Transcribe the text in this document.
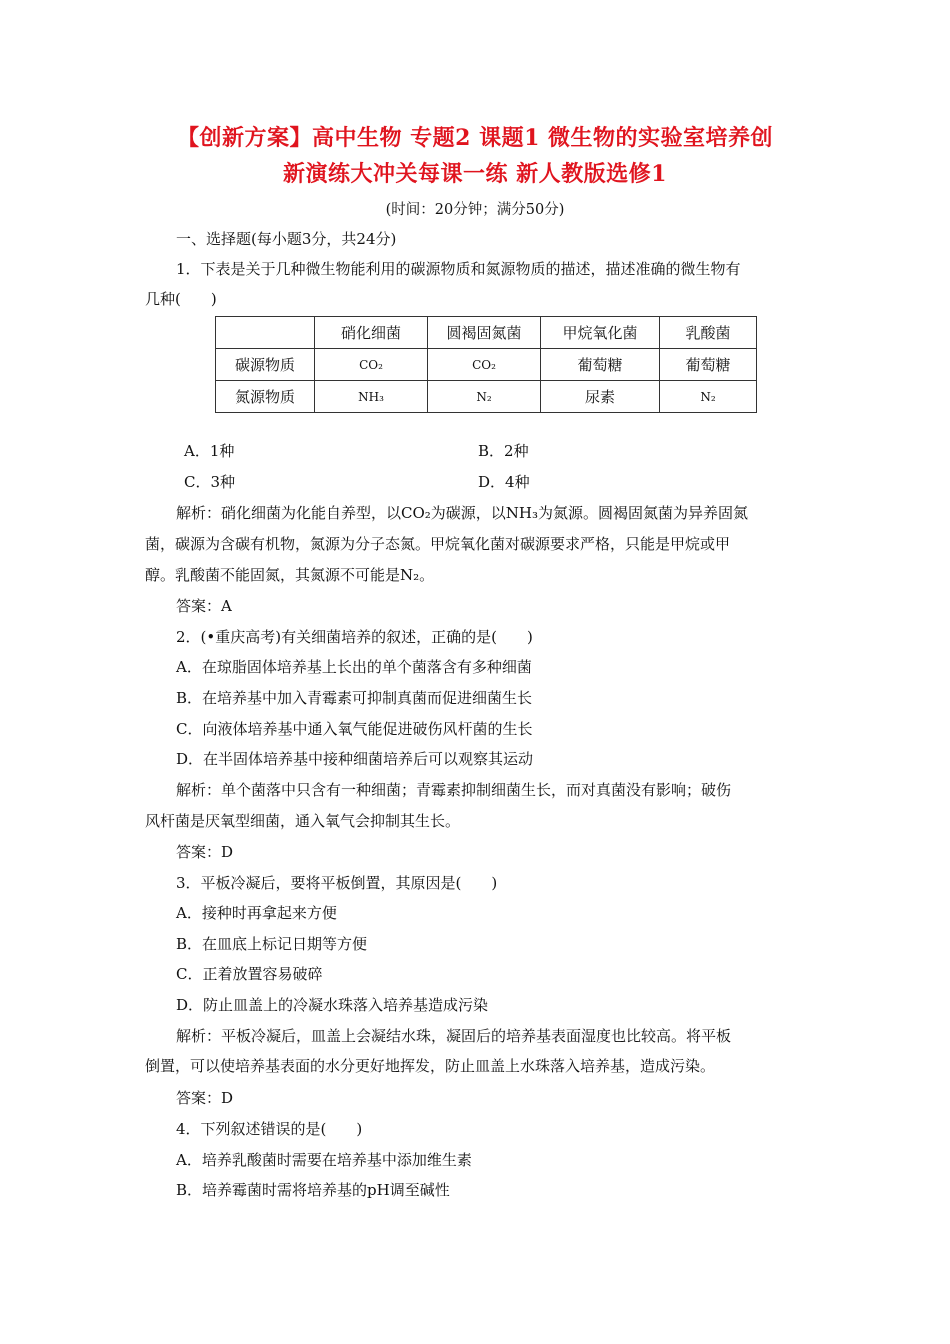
【创新方案】高中生物 专题2 课题1 微生物的实验室培养创
新演练大冲关每课一练 新人教版选修1
(时间：20分钟；满分50分)
一、选择题(每小题3分，共24分)
1．下表是关于几种微生物能利用的碳源物质和氮源物质的描述，描述准确的微生物有
几种(　　)
	硝化细菌	圆褐固氮菌	甲烷氧化菌	乳酸菌
碳源物质	CO₂	CO₂	葡萄糖	葡萄糖
氮源物质	NH₃	N₂	尿素	N₂
A．1种	B．2种
C．3种	D．4种
解析：硝化细菌为化能自养型，以CO₂为碳源，以NH₃为氮源。圆褐固氮菌为异养固氮
菌，碳源为含碳有机物，氮源为分子态氮。甲烷氧化菌对碳源要求严格，只能是甲烷或甲
醇。乳酸菌不能固氮，其氮源不可能是N₂。
答案：A
2．(•重庆高考)有关细菌培养的叙述，正确的是(　　)
A．在琼脂固体培养基上长出的单个菌落含有多种细菌
B．在培养基中加入青霉素可抑制真菌而促进细菌生长
C．向液体培养基中通入氧气能促进破伤风杆菌的生长
D．在半固体培养基中接种细菌培养后可以观察其运动
解析：单个菌落中只含有一种细菌；青霉素抑制细菌生长，而对真菌没有影响；破伤
风杆菌是厌氧型细菌，通入氧气会抑制其生长。
答案：D
3．平板冷凝后，要将平板倒置，其原因是(　　)
A．接种时再拿起来方便
B．在皿底上标记日期等方便
C．正着放置容易破碎
D．防止皿盖上的冷凝水珠落入培养基造成污染
解析：平板冷凝后，皿盖上会凝结水珠，凝固后的培养基表面湿度也比较高。将平板
倒置，可以使培养基表面的水分更好地挥发，防止皿盖上水珠落入培养基，造成污染。
答案：D
4．下列叙述错误的是(　　)
A．培养乳酸菌时需要在培养基中添加维生素
B．培养霉菌时需将培养基的pH调至碱性
